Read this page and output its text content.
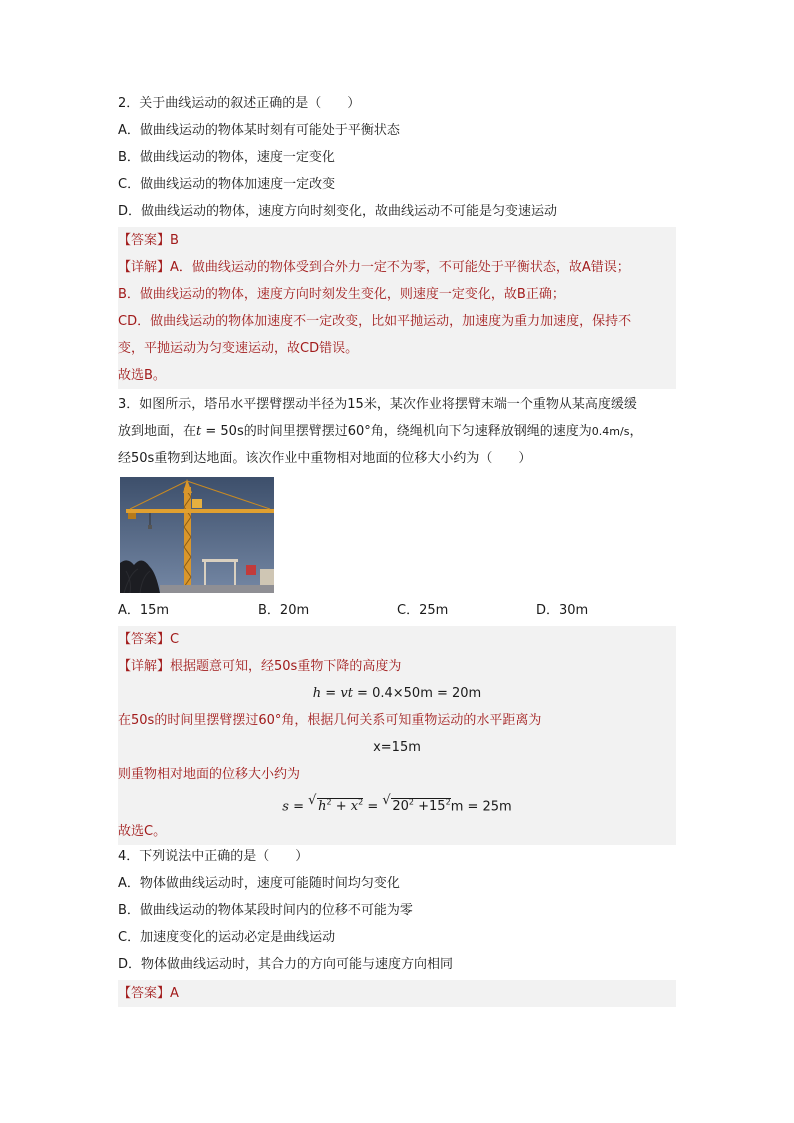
2．关于曲线运动的叙述正确的是（　　）
A．做曲线运动的物体某时刻有可能处于平衡状态
B．做曲线运动的物体，速度一定变化
C．做曲线运动的物体加速度一定改变
D．做曲线运动的物体，速度方向时刻变化，故曲线运动不可能是匀变速运动
【答案】B
【详解】A．做曲线运动的物体受到合外力一定不为零，不可能处于平衡状态，故A错误；
B．做曲线运动的物体，速度方向时刻发生变化，则速度一定变化，故B正确；
CD．做曲线运动的物体加速度不一定改变，比如平抛运动，加速度为重力加速度，保持不
变，平抛运动为匀变速运动，故CD错误。
故选B。
3．如图所示，塔吊水平摆臂摆动半径为15米，某次作业将摆臂末端一个重物从某高度缓缓
放到地面，在t = 50s的时间里摆臂摆过60°角，绕绳机向下匀速释放钢绳的速度为0.4m/s，
经50s重物到达地面。该次作业中重物相对地面的位移大小约为（　　）
A．15m	B．20m	C．25m	D．30m
【答案】C
【详解】根据题意可知，经50s重物下降的高度为
h = vt = 0.4×50m = 20m
在50s的时间里摆臂摆过60°角，根据几何关系可知重物运动的水平距离为
x=15m
则重物相对地面的位移大小约为
s = √ $h^2 + x^2$ = √ $20^2 +15^2m = 25m$
故选C。
4．下列说法中正确的是（　　）
A．物体做曲线运动时，速度可能随时间均匀变化
B．做曲线运动的物体某段时间内的位移不可能为零
C．加速度变化的运动必定是曲线运动
D．物体做曲线运动时，其合力的方向可能与速度方向相同
【答案】A
